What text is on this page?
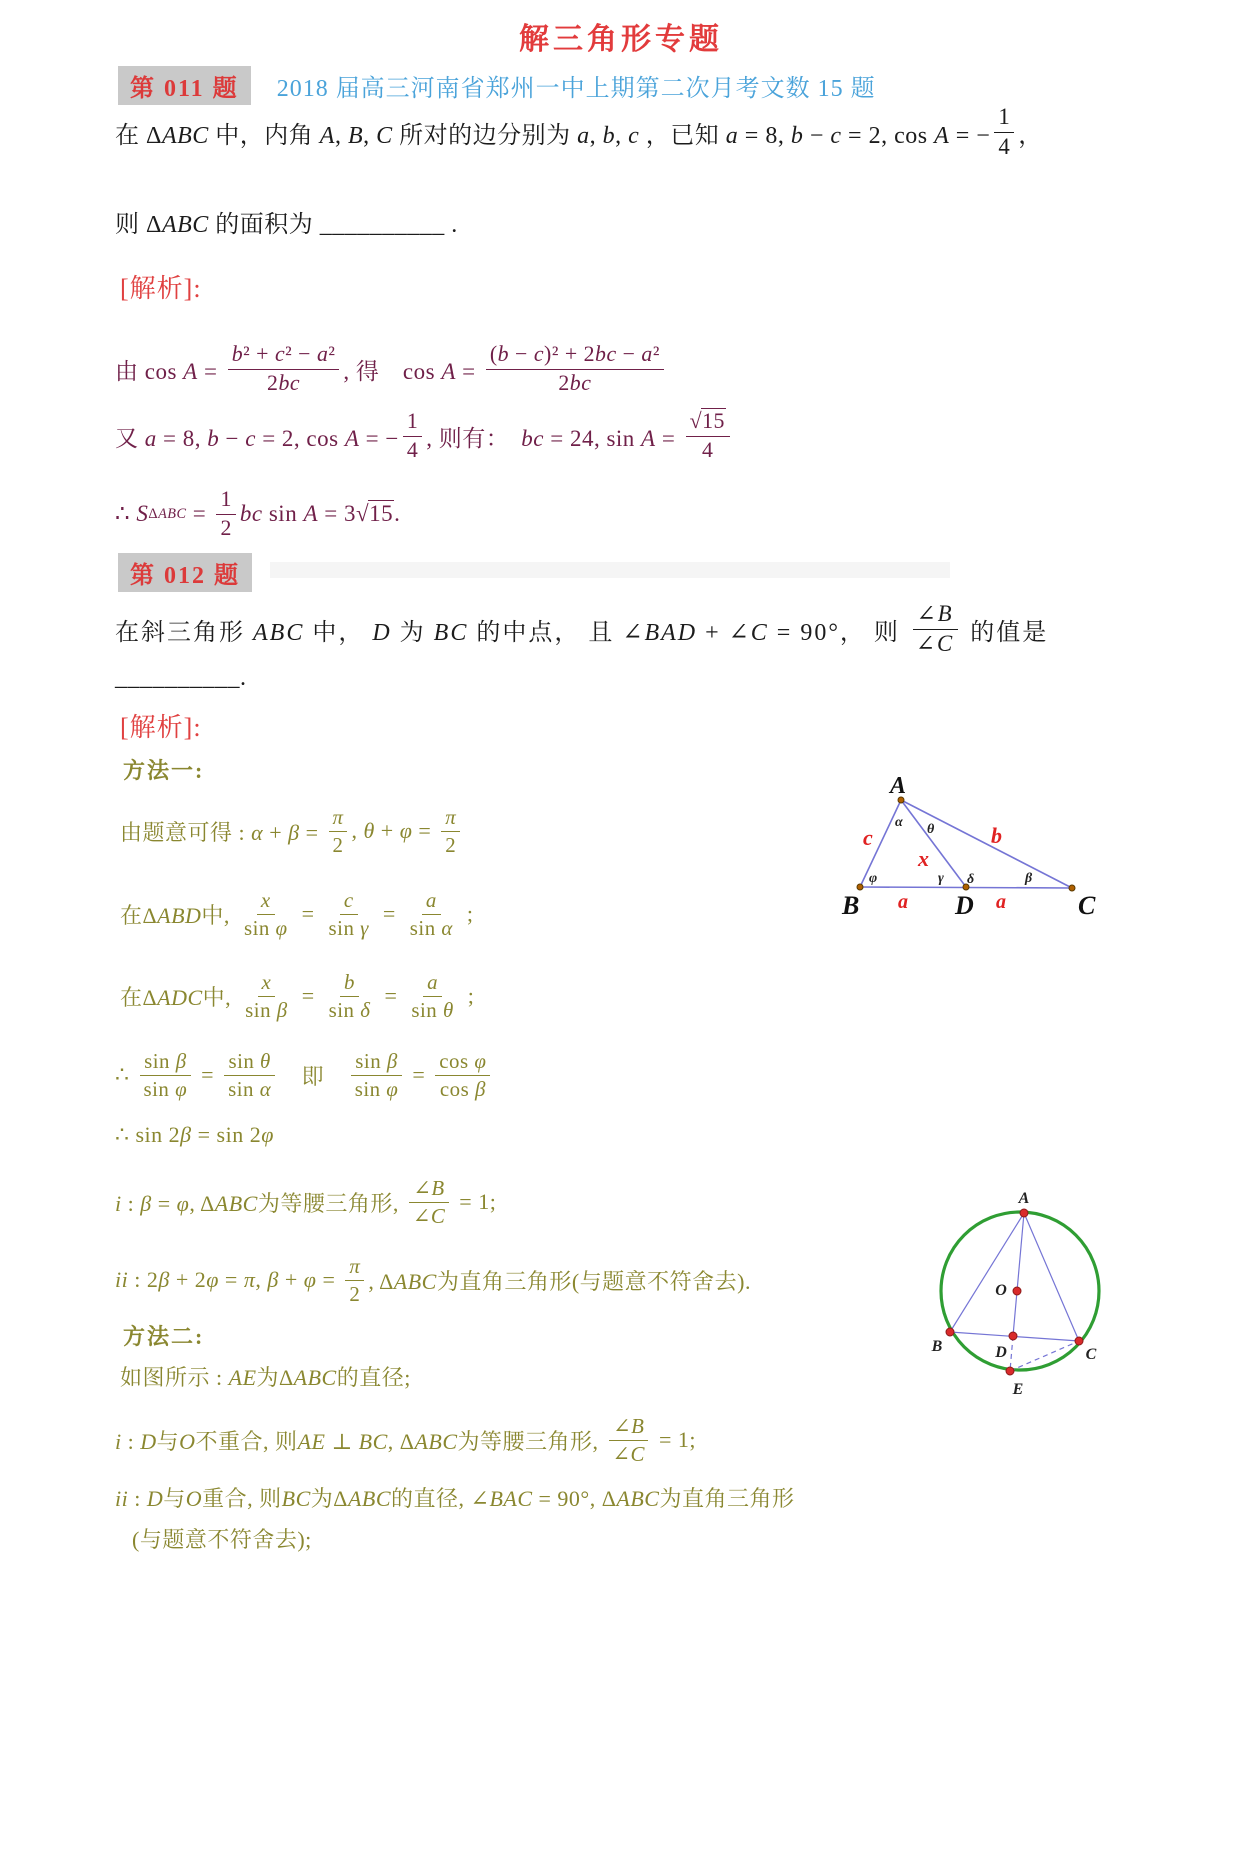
解三角形专题
第 011 题	2018 届高三河南省郑州一中上期第二次月考文数 15 题
在 ΔABC 中，内角 A, B, C 所对的边分别为 a, b, c ，已知 a = 8, b − c = 2, cos A = − $\frac{1}{4}$ ，
则 ΔABC 的面积为 __________ .
[解析]:
由 $\cos A = \frac{\text{b² + c² − a²}}{2bc}$ , 得　$\cos A = \frac{\text{(b − c)² + 2bc − a²}}{2bc}$
又 a = 8, b − c = 2, cos A = − $\frac{1}{4}$ , 则有：　bc = 24, $\sin A = \frac{√15}{4}$
∴ S $\Delta ABC = \frac{1}{2}$ bc sin A = 3√15.
第 012 题
在斜三角形 ABC 中， D 为 BC 的中点， 且 ∠BAD + ∠C = 90°， 则 $\frac{\angle B}{\angle C}$ 的值是
__________.
[解析]:
方法一:
由题意可得 : $\alpha + \beta = \frac{\pi}{2}$ , $\theta + \varphi = \frac{\pi}{2}$
在ΔABD中, $\frac{x}{\text{sin φ}} = \frac{c}{\text{sin γ}} = \frac{a}{\text{sin α}}$ ;
在ΔADC中, $\frac{x}{\text{sin β}} = \frac{b}{\text{sin δ}} = \frac{a}{\text{sin θ}}$ ;
∴ $\frac{\text{sin β}}{\text{sin φ}} = \frac{\text{sin θ}}{\text{sin α}}$ 　即　 $\frac{\text{sin β}}{\text{sin φ}} = \frac{\text{cos φ}}{\text{cos β}}$
∴ sin 2β = sin 2φ
i : β = φ, ΔABC为等腰三角形, $\frac{\angle B}{\angle C} = 1$;
ii : 2β + 2φ = π, $\beta + \varphi = \frac{\pi}{2}$ , ΔABC为直角三角形(与题意不符舍去).
方法二:
如图所示 : AE为ΔABC的直径;
i : D与O不重合, 则AE ⊥ BC, ΔABC为等腰三角形, $\frac{\angle B}{\angle C} = 1$;
ii : D与O重合, 则BC为ΔABC的直径, ∠BAC = 90°, ΔABC为直角三角形
(与题意不符舍去);
A
B	C
D
c	b
x
a	a
α θ
φ	γ δ	β
A
O
B	D	C
E
